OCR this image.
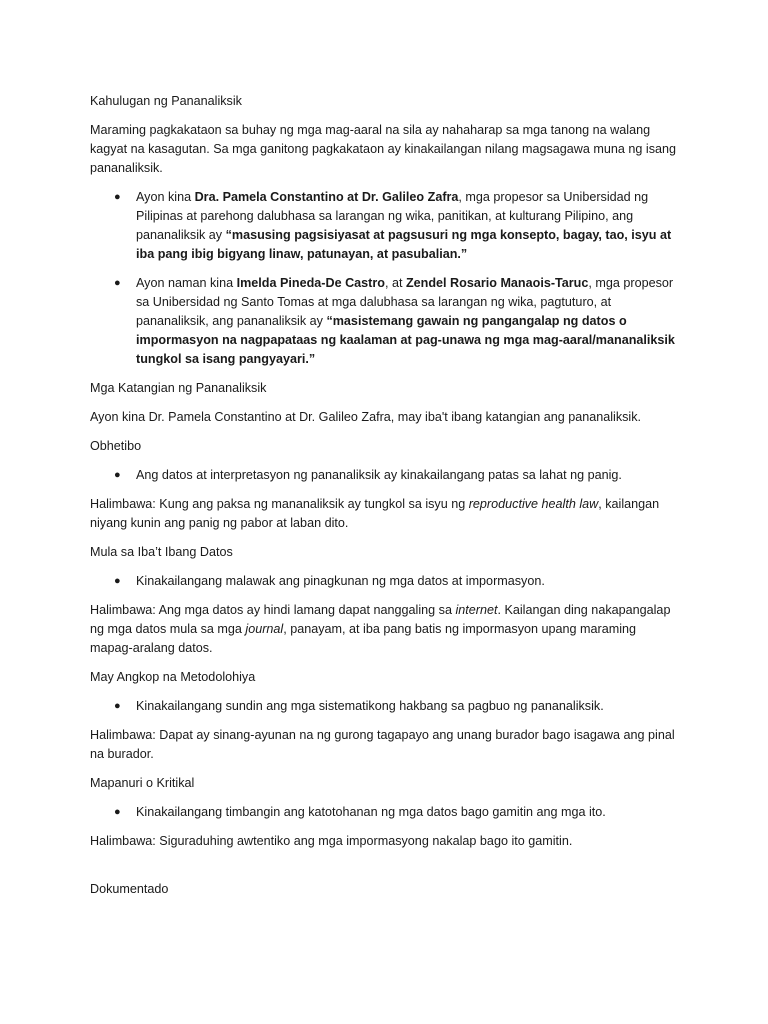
Kahulugan ng Pananaliksik

Maraming pagkakataon sa buhay ng mga mag-aaral na sila ay nahaharap sa mga tanong na walang kagyat na kasagutan. Sa mga ganitong pagkakataon ay kinakailangan nilang magsagawa muna ng isang pananaliksik.

● Ayon kina Dra. Pamela Constantino at Dr. Galileo Zafra, mga propesor sa Unibersidad ng Pilipinas at parehong dalubhasa sa larangan ng wika, panitikan, at kulturang Pilipino, ang pananaliksik ay “masusing pagsisiyasat at pagsusuri ng mga konsepto, bagay, tao, isyu at iba pang ibig bigyang linaw, patunayan, at pasubalian.”
● Ayon naman kina Imelda Pineda-De Castro, at Zendel Rosario Manaois-Taruc, mga propesor sa Unibersidad ng Santo Tomas at mga dalubhasa sa larangan ng wika, pagtuturo, at pananaliksik, ang pananaliksik ay “masistemang gawain ng pangangalap ng datos o impormasyon na nagpapataas ng kaalaman at pag-unawa ng mga mag-aaral/mananaliksik tungkol sa isang pangyayari.”

Mga Katangian ng Pananaliksik

Ayon kina Dr. Pamela Constantino at Dr. Galileo Zafra, may iba't ibang katangian ang pananaliksik.

Obhetibo

● Ang datos at interpretasyon ng pananaliksik ay kinakailangang patas sa lahat ng panig.

Halimbawa: Kung ang paksa ng mananaliksik ay tungkol sa isyu ng reproductive health law, kailangan niyang kunin ang panig ng pabor at laban dito.

Mula sa Iba’t Ibang Datos

● Kinakailangang malawak ang pinagkunan ng mga datos at impormasyon.

Halimbawa: Ang mga datos ay hindi lamang dapat nanggaling sa internet. Kailangan ding nakapangalap ng mga datos mula sa mga journal, panayam, at iba pang batis ng impormasyon upang maraming mapag-aralang datos.

May Angkop na Metodolohiya

● Kinakailangang sundin ang mga sistematikong hakbang sa pagbuo ng pananaliksik.

Halimbawa: Dapat ay sinang-ayunan na ng gurong tagapayo ang unang burador bago isagawa ang pinal na burador.

Mapanuri o Kritikal

● Kinakailangang timbangin ang katotohanan ng mga datos bago gamitin ang mga ito.

Halimbawa: Siguraduhing awtentiko ang mga impormasyong nakalap bago ito gamitin.

Dokumentado
